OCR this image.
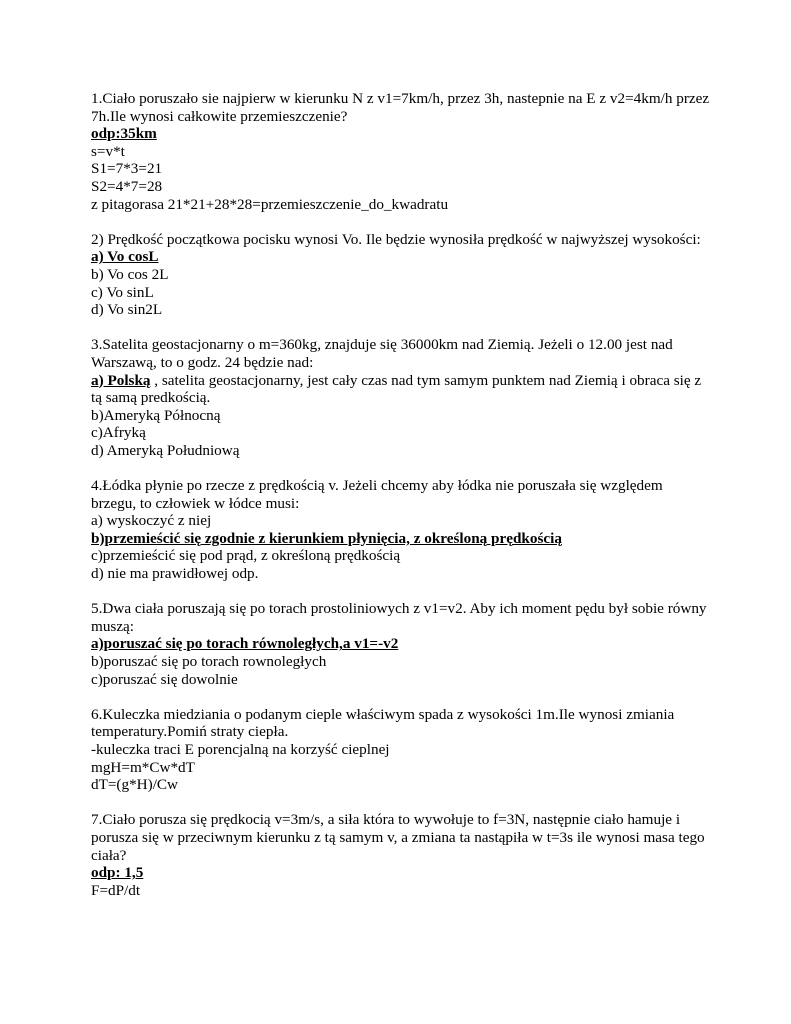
1.Ciało poruszało sie najpierw w kierunku N z v1=7km/h, przez 3h, nastepnie na E z v2=4km/h przez 7h.Ile wynosi całkowite przemieszczenie?
odp:35km
s=v*t
S1=7*3=21
S2=4*7=28
z pitagorasa 21*21+28*28=przemieszczenie_do_kwadratu
2) Prędkość początkowa pocisku wynosi Vo. Ile będzie wynosiła prędkość w najwyższej wysokości:
a) Vo cosL
b) Vo cos 2L
c) Vo sinL
d) Vo sin2L
3.Satelita geostacjonarny o m=360kg, znajduje się 36000km nad Ziemią. Jeżeli o 12.00 jest nad Warszawą, to o godz. 24 będzie nad:
a) Polską , satelita geostacjonarny, jest cały czas nad tym samym punktem nad Ziemią i obraca się z tą samą predkością.
b)Ameryką Północną
c)Afryką
d) Ameryką Południową
4.Łódka płynie po rzecze z prędkością v. Jeżeli chcemy aby łódka nie poruszała się względem brzegu, to człowiek w łódce musi:
a) wyskoczyć z niej
b)przemieścić się zgodnie z kierunkiem płynięcia, z określoną prędkością
c)przemieścić się pod prąd, z określoną prędkością
d) nie ma prawidłowej odp.
5.Dwa ciała poruszają się po torach prostoliniowych z v1=v2. Aby ich moment pędu był sobie równy muszą:
a)poruszać się po torach równoległych,a v1=-v2
b)poruszać się po torach rownoległych
c)poruszać się dowolnie
6.Kuleczka miedziania o podanym cieple właściwym spada z wysokości 1m.Ile wynosi zmiania temperatury.Pomiń straty ciepła.
-kuleczka traci E porencjalną na korzyść cieplnej
mgH=m*Cw*dT
dT=(g*H)/Cw
7.Ciało porusza się prędkocią v=3m/s, a siła która to wywołuje to f=3N, następnie ciało hamuje i porusza się w przeciwnym kierunku z tą samym v, a zmiana ta nastąpiła w t=3s ile wynosi masa tego ciała?
odp: 1,5
F=dP/dt
